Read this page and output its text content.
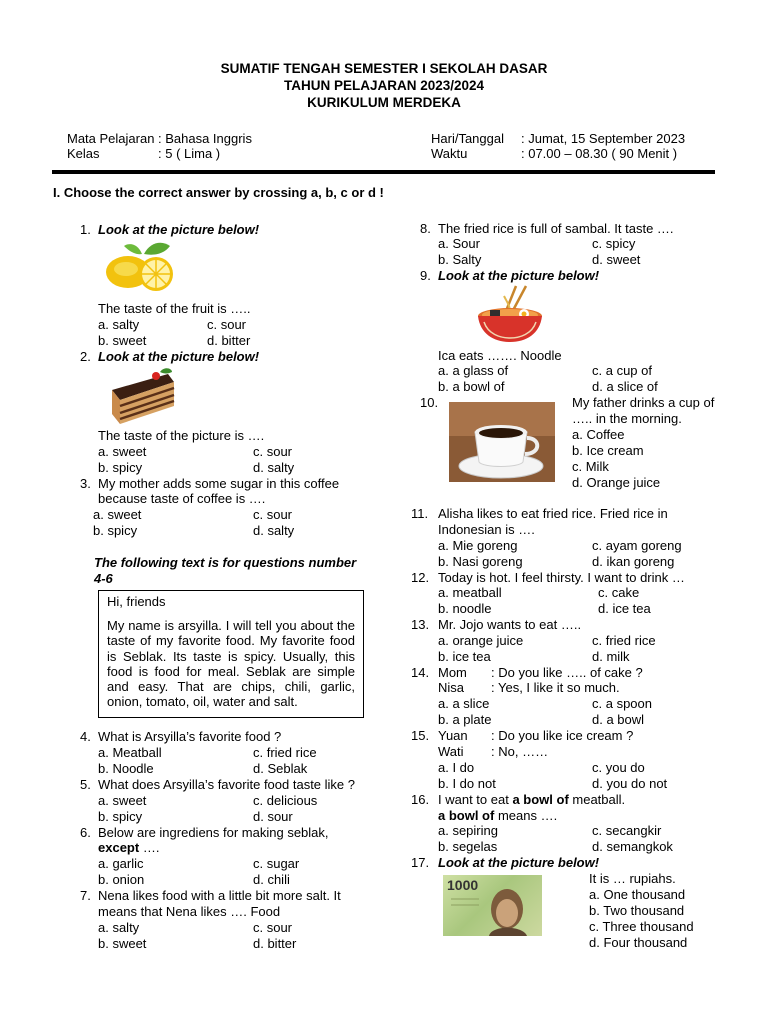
SUMATIF TENGAH SEMESTER I SEKOLAH DASAR
TAHUN PELAJARAN 2023/2024
KURIKULUM MERDEKA
Mata Pelajaran : Bahasa Inggris
Kelas	: 5 ( Lima )
Hari/Tanggal : Jumat, 15 September 2023
Waktu	: 07.00 – 08.30 ( 90 Menit )
I. Choose the correct answer by crossing a, b, c or d !
1. Look at the picture below!
The taste of the fruit is …..
a. salty	c. sour
b. sweet	d. bitter
2. Look at the picture below!
The taste of the picture is ….
a. sweet	c. sour
b. spicy	d. salty
3. My mother adds some sugar in this coffee
because taste of coffee is ….
a. sweet	c. sour
b. spicy	d. salty
The following text is for questions number
4-6
Hi, friends
My name is arsyilla. I will tell you about the taste of my favorite food. My favorite food is Seblak. Its taste is spicy. Usually, this food is food for meal. Seblak are simple and easy. That are chips, chili, garlic, onion, tomato, oil, water and salt.
4. What is Arsyilla’s favorite food ?
a. Meatball	c. fried rice
b. Noodle	d. Seblak
5. What does Arsyilla’s favorite food taste like ?
a. sweet	c. delicious
b. spicy	d. sour
6. Below are ingrediens for making seblak,
except ….
a. garlic	c. sugar
b. onion	d. chili
7. Nena likes food with a little bit more salt. It
means that Nena likes …. Food
a. salty	c. sour
b. sweet	d. bitter
8. The fried rice is full of sambal. It taste ….
a. Sour	c. spicy
b. Salty	d. sweet
9. Look at the picture below!
Ica eats ……. Noodle
a. a glass of	c. a cup of
b. a bowl of	d. a slice of
10.	My father drinks a cup of
….. in the morning.
a. Coffee
b. Ice cream
c. Milk
d. Orange juice
11. Alisha likes to eat fried rice. Fried rice in
Indonesian is ….
a. Mie goreng	c. ayam goreng
b. Nasi goreng	d. ikan goreng
12. Today is hot. I feel thirsty. I want to drink …
a. meatball	c. cake
b. noodle	d. ice tea
13. Mr. Jojo wants to eat …..
a. orange juice	c. fried rice
b. ice tea	d. milk
14. Mom : Do you like ….. of cake ?
Nisa : Yes, I like it so much.
a. a slice	c. a spoon
b. a plate	d. a bowl
15. Yuan : Do you like ice cream ?
Wati : No, ……
a. I do	c. you do
b. I do not	d. you do not
16. I want to eat a bowl of meatball.
a bowl of means ….
a. sepiring	c. secangkir
b. segelas	d. semangkok
17. Look at the picture below!
1000	It is … rupiahs.
a. One thousand
b. Two thousand
c. Three thousand
d. Four thousand
